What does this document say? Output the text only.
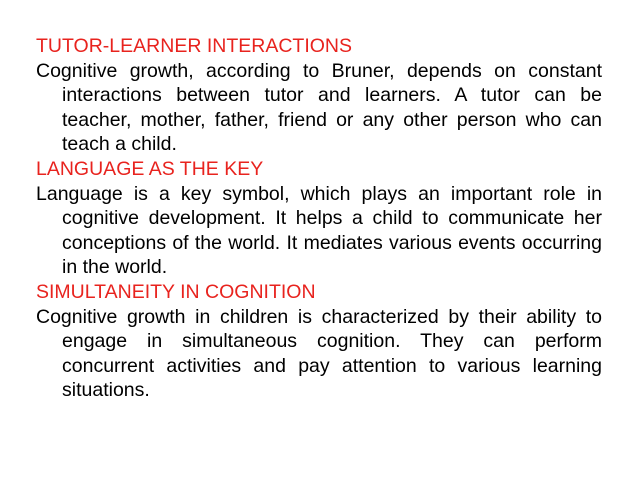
TUTOR-LEARNER INTERACTIONS

Cognitive growth, according to Bruner, depends on constant interactions between tutor and learners. A tutor can be teacher, mother, father, friend or any other person who can teach a child.

LANGUAGE AS THE KEY

Language is a key symbol, which plays an important role in cognitive development. It helps a child to communicate her conceptions of the world. It mediates various events occurring in the world.

SIMULTANEITY IN COGNITION

Cognitive growth in children is characterized by their ability to engage in simultaneous cognition. They can perform concurrent activities and pay attention to various learning situations.
